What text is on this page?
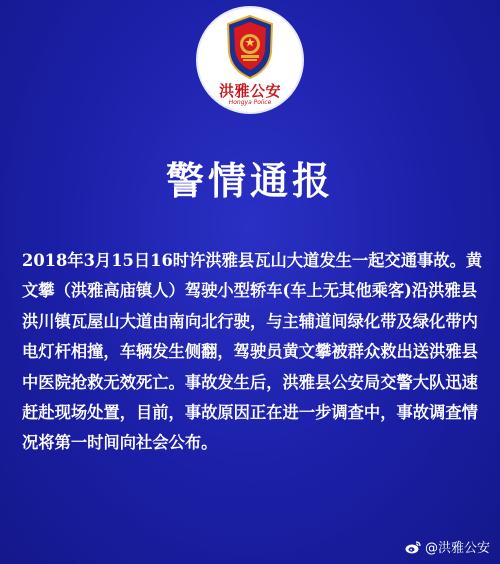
洪雅公安
Hongya Police
警情通报
2018年3月15日16时许洪雅县瓦山大道发生一起交通事故。黄
文攀（洪雅高庙镇人）驾驶小型轿车(车上无其他乘客)沿洪雅县
洪川镇瓦屋山大道由南向北行驶，与主辅道间绿化带及绿化带内
电灯杆相撞，车辆发生侧翻，驾驶员黄文攀被群众救出送洪雅县
中医院抢救无效死亡。事故发生后，洪雅县公安局交警大队迅速
赶赴现场处置，目前，事故原因正在进一步调查中，事故调查情
况将第一时间向社会公布。
@洪雅公安
